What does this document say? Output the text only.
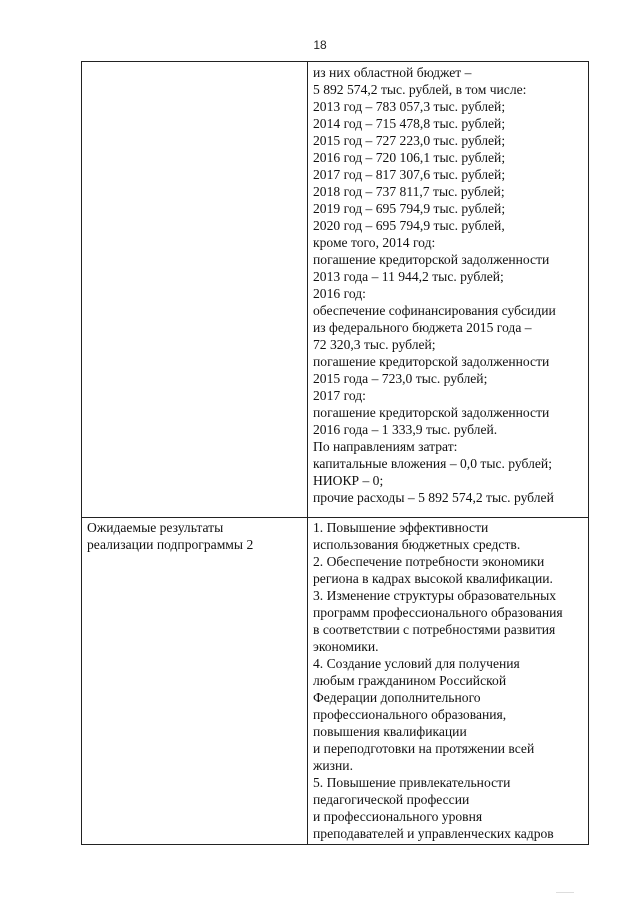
18
из них областной бюджет –
5 892 574,2 тыс. рублей, в том числе:
2013 год – 783 057,3 тыс. рублей;
2014 год – 715 478,8 тыс. рублей;
2015 год – 727 223,0 тыс. рублей;
2016 год – 720 106,1 тыс. рублей;
2017 год – 817 307,6 тыс. рублей;
2018 год – 737 811,7 тыс. рублей;
2019 год – 695 794,9 тыс. рублей;
2020 год – 695 794,9 тыс. рублей,
кроме того, 2014 год:
погашение кредиторской задолженности
2013 года – 11 944,2 тыс. рублей;
2016 год:
обеспечение софинансирования субсидии
из федерального бюджета 2015 года –
72 320,3 тыс. рублей;
погашение кредиторской задолженности
2015 года – 723,0 тыс. рублей;
2017 год:
погашение кредиторской задолженности
2016 года – 1 333,9 тыс. рублей.
По направлениям затрат:
капитальные вложения – 0,0 тыс. рублей;
НИОКР – 0;
прочие расходы – 5 892 574,2 тыс. рублей
Ожидаемые результаты
реализации подпрограммы 2
1. Повышение эффективности
использования бюджетных средств.
2. Обеспечение потребности экономики
региона в кадрах высокой квалификации.
3. Изменение структуры образовательных
программ профессионального образования
в соответствии с потребностями развития
экономики.
4. Создание условий для получения
любым гражданином Российской
Федерации дополнительного
профессионального образования,
повышения квалификации
и переподготовки на протяжении всей
жизни.
5. Повышение привлекательности
педагогической профессии
и профессионального уровня
преподавателей и управленческих кадров
